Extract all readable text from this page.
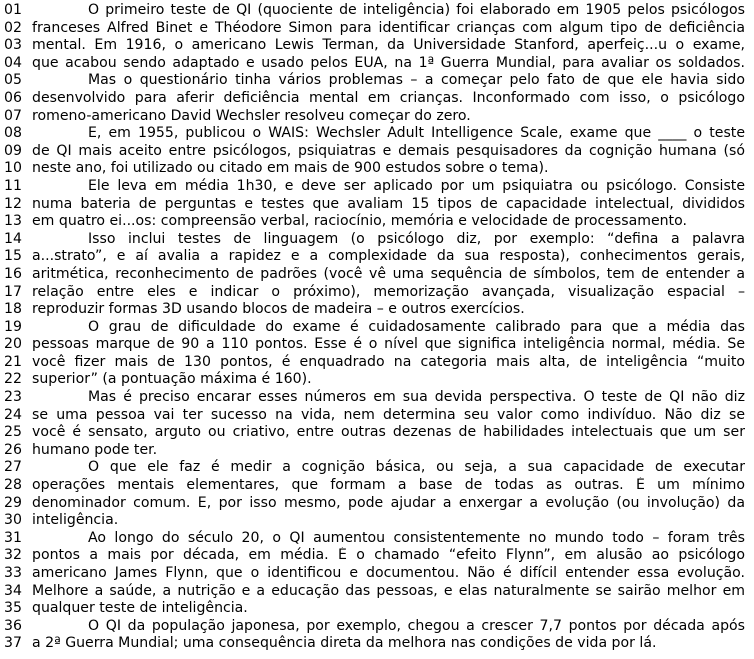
01	O primeiro teste de QI (quociente de inteligência) foi elaborado em 1905 pelos psicólogos
02 franceses Alfred Binet e Théodore Simon para identificar crianças com algum tipo de deficiência
03 mental. Em 1916, o americano Lewis Terman, da Universidade Stanford, aperfeiç...u o exame,
04 que acabou sendo adaptado e usado pelos EUA, na 1ª Guerra Mundial, para avaliar os soldados.
05	Mas o questionário tinha vários problemas – a começar pelo fato de que ele havia sido
06 desenvolvido para aferir deficiência mental em crianças. Inconformado com isso, o psicólogo
07 romeno-americano David Wechsler resolveu começar do zero.
08	E, em 1955, publicou o WAIS: Wechsler Adult Intelligence Scale, exame que ____ o teste
09 de QI mais aceito entre psicólogos, psiquiatras e demais pesquisadores da cognição humana (só
10 neste ano, foi utilizado ou citado em mais de 900 estudos sobre o tema).
11	Ele leva em média 1h30, e deve ser aplicado por um psiquiatra ou psicólogo. Consiste
12 numa bateria de perguntas e testes que avaliam 15 tipos de capacidade intelectual, divididos
13 em quatro ei...os: compreensão verbal, raciocínio, memória e velocidade de processamento.
14	Isso inclui testes de linguagem (o psicólogo diz, por exemplo: “defina a palavra
15 a...strato”, e aí avalia a rapidez e a complexidade da sua resposta), conhecimentos gerais,
16 aritmética, reconhecimento de padrões (você vê uma sequência de símbolos, tem de entender a
17 relação entre eles e indicar o próximo), memorização avançada, visualização espacial –
18 reproduzir formas 3D usando blocos de madeira – e outros exercícios.
19	O grau de dificuldade do exame é cuidadosamente calibrado para que a média das
20 pessoas marque de 90 a 110 pontos. Esse é o nível que significa inteligência normal, média. Se
21 você fizer mais de 130 pontos, é enquadrado na categoria mais alta, de inteligência “muito
22 superior” (a pontuação máxima é 160).
23	Mas é preciso encarar esses números em sua devida perspectiva. O teste de QI não diz
24 se uma pessoa vai ter sucesso na vida, nem determina seu valor como indivíduo. Não diz se
25 você é sensato, arguto ou criativo, entre outras dezenas de habilidades intelectuais que um ser
26 humano pode ter.
27	O que ele faz é medir a cognição básica, ou seja, a sua capacidade de executar
28 operações mentais elementares, que formam a base de todas as outras. É um mínimo
29 denominador comum. E, por isso mesmo, pode ajudar a enxergar a evolução (ou involução) da
30 inteligência.
31	Ao longo do século 20, o QI aumentou consistentemente no mundo todo – foram três
32 pontos a mais por década, em média. É o chamado “efeito Flynn”, em alusão ao psicólogo
33 americano James Flynn, que o identificou e documentou. Não é difícil entender essa evolução.
34 Melhore a saúde, a nutrição e a educação das pessoas, e elas naturalmente se sairão melhor em
35 qualquer teste de inteligência.
36	O QI da população japonesa, por exemplo, chegou a crescer 7,7 pontos por década após
37 a 2ª Guerra Mundial; uma consequência direta da melhora nas condições de vida por lá.
